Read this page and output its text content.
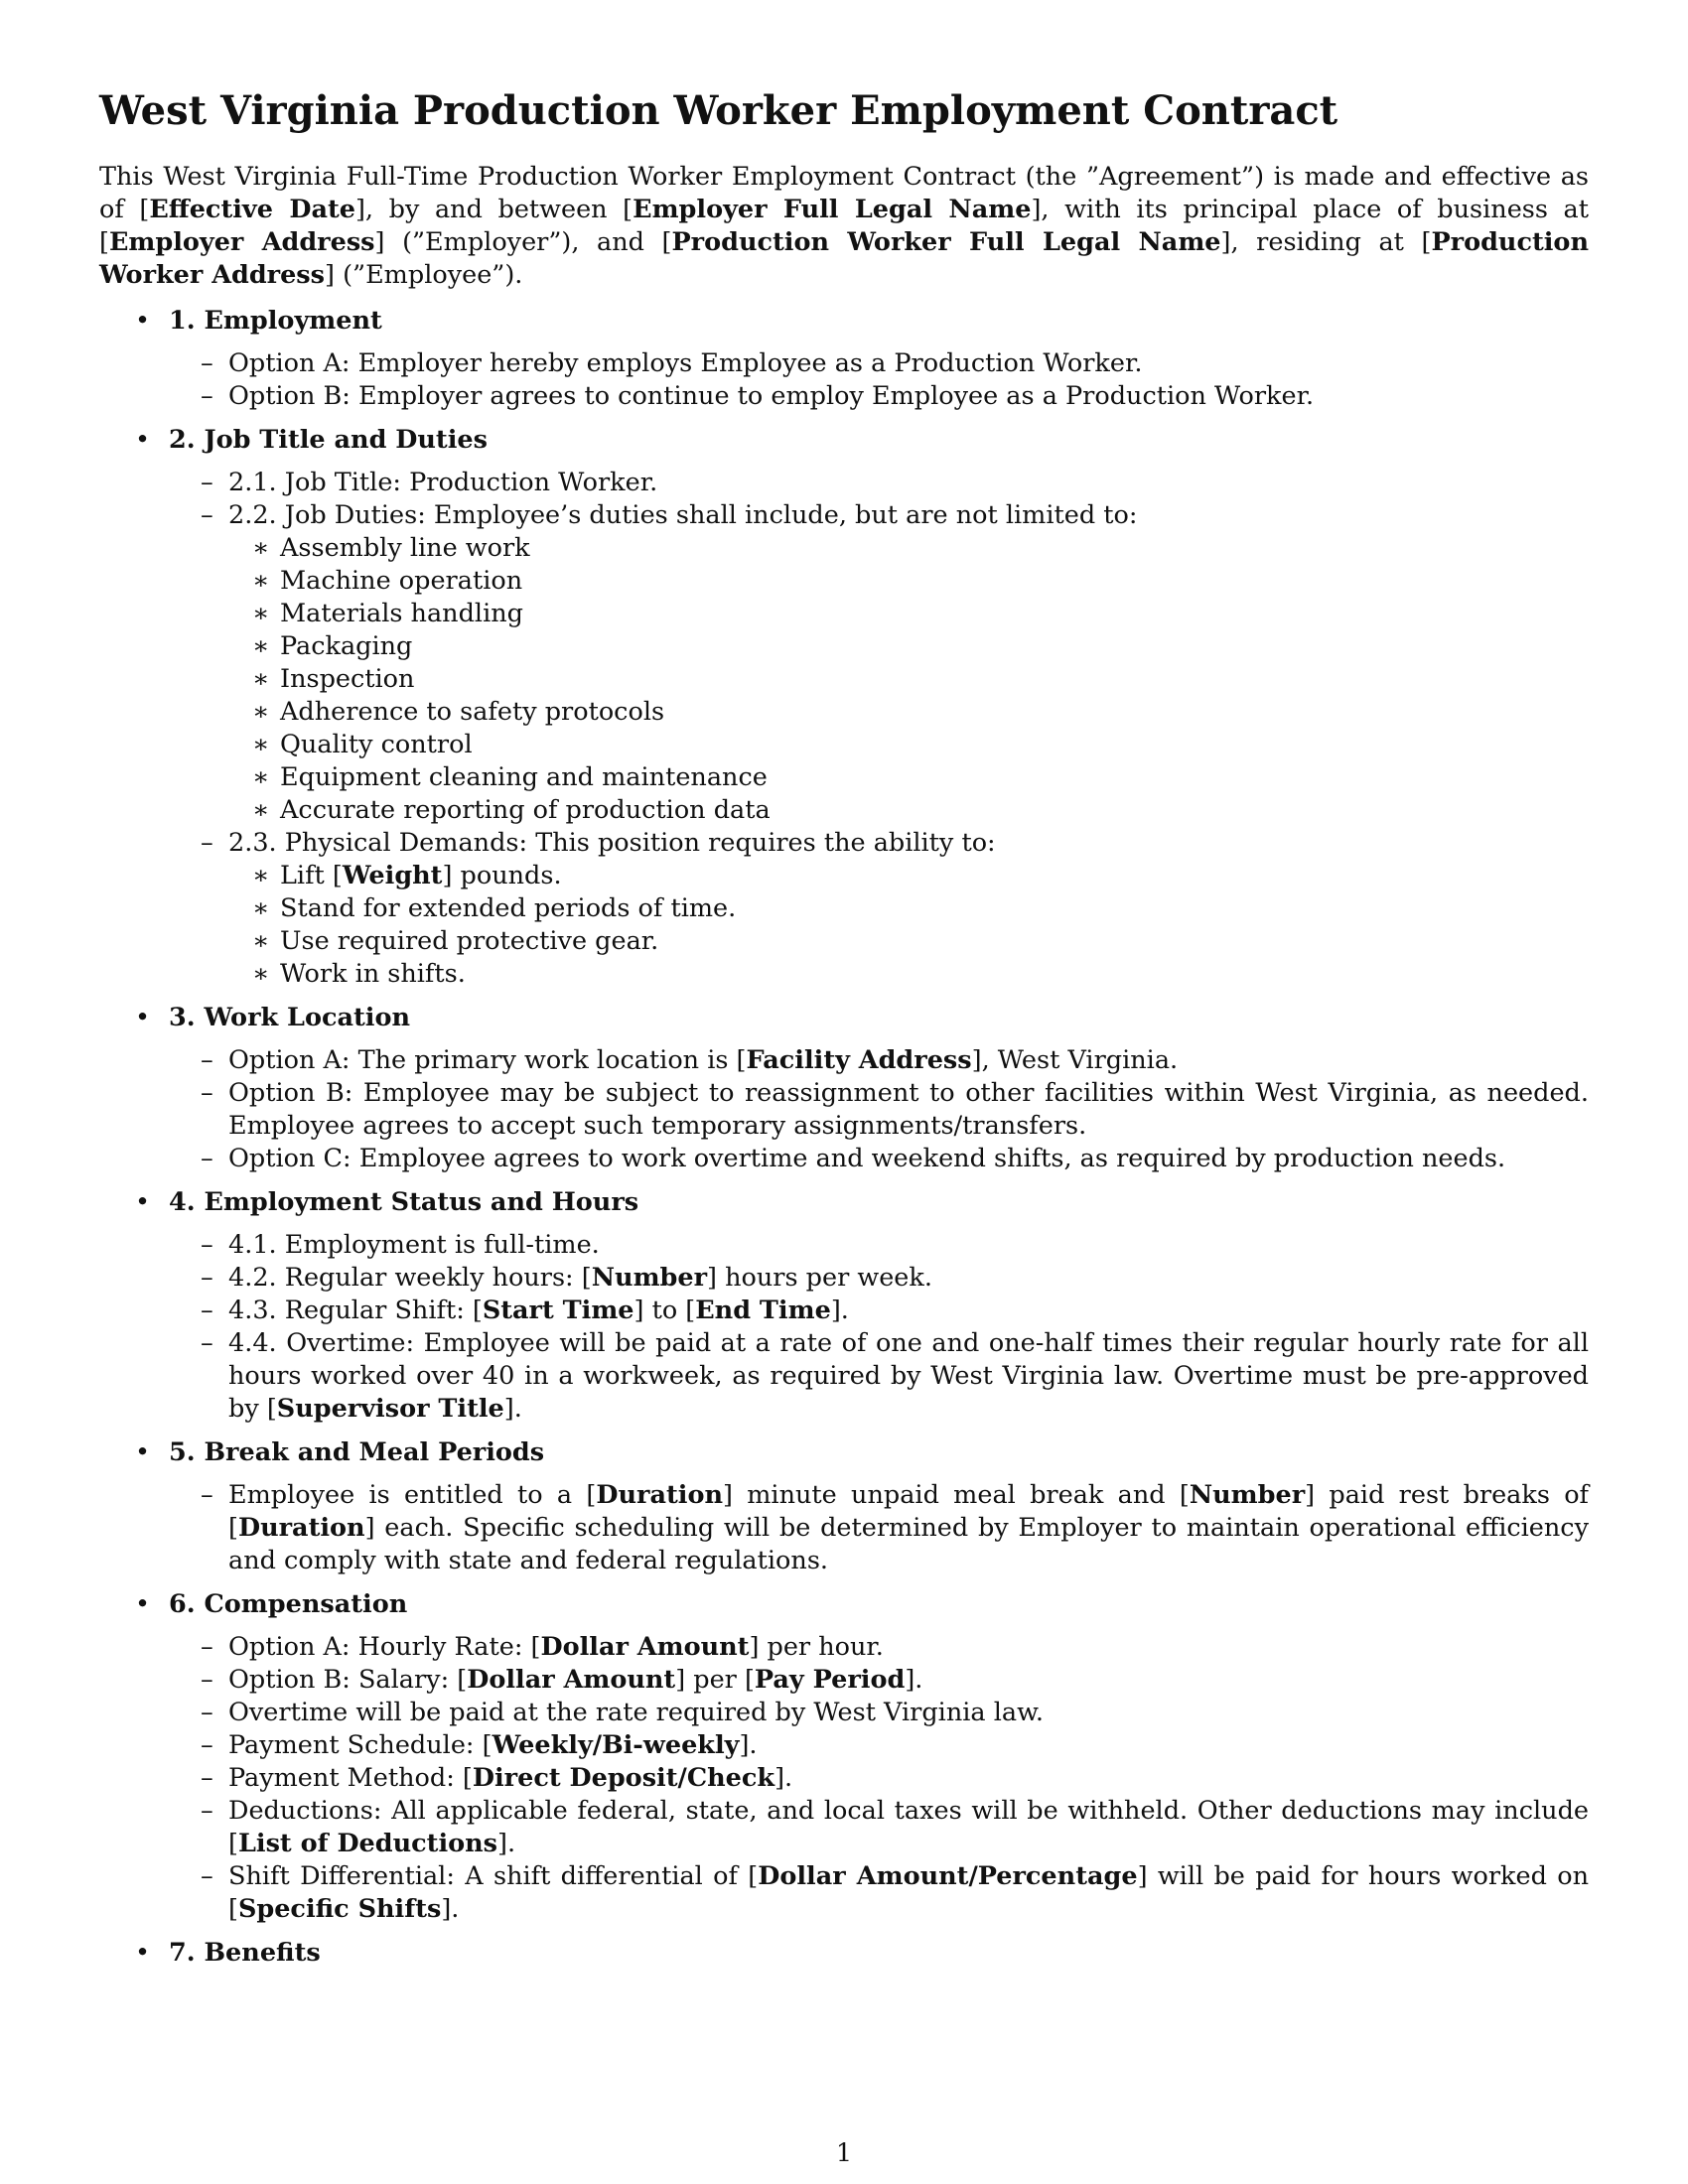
West Virginia Production Worker Employment Contract

This West Virginia Full-Time Production Worker Employment Contract (the ”Agreement”) is made and effective as of [Effective Date], by and between [Employer Full Legal Name], with its principal place of business at [Employer Address] (”Employer”), and [Production Worker Full Legal Name], residing at [Production Worker Address] (”Employee”).

• 1. Employment
– Option A: Employer hereby employs Employee as a Production Worker.
– Option B: Employer agrees to continue to employ Employee as a Production Worker.
• 2. Job Title and Duties
– 2.1. Job Title: Production Worker.
– 2.2. Job Duties: Employee’s duties shall include, but are not limited to:
∗ Assembly line work
∗ Machine operation
∗ Materials handling
∗ Packaging
∗ Inspection
∗ Adherence to safety protocols
∗ Quality control
∗ Equipment cleaning and maintenance
∗ Accurate reporting of production data
– 2.3. Physical Demands: This position requires the ability to:
∗ Lift [Weight] pounds.
∗ Stand for extended periods of time.
∗ Use required protective gear.
∗ Work in shifts.
• 3. Work Location
– Option A: The primary work location is [Facility Address], West Virginia.
– Option B: Employee may be subject to reassignment to other facilities within West Virginia, as needed. Employee agrees to accept such temporary assignments/transfers.
– Option C: Employee agrees to work overtime and weekend shifts, as required by production needs.
• 4. Employment Status and Hours
– 4.1. Employment is full-time.
– 4.2. Regular weekly hours: [Number] hours per week.
– 4.3. Regular Shift: [Start Time] to [End Time].
– 4.4. Overtime: Employee will be paid at a rate of one and one-half times their regular hourly rate for all hours worked over 40 in a workweek, as required by West Virginia law. Overtime must be pre-approved by [Supervisor Title].
• 5. Break and Meal Periods
– Employee is entitled to a [Duration] minute unpaid meal break and [Number] paid rest breaks of [Duration] each. Specific scheduling will be determined by Employer to maintain operational efficiency and comply with state and federal regulations.
• 6. Compensation
– Option A: Hourly Rate: [Dollar Amount] per hour.
– Option B: Salary: [Dollar Amount] per [Pay Period].
– Overtime will be paid at the rate required by West Virginia law.
– Payment Schedule: [Weekly/Bi-weekly].
– Payment Method: [Direct Deposit/Check].
– Deductions: All applicable federal, state, and local taxes will be withheld. Other deductions may include [List of Deductions].
– Shift Differential: A shift differential of [Dollar Amount/Percentage] will be paid for hours worked on [Specific Shifts].
• 7. Benefits
1
